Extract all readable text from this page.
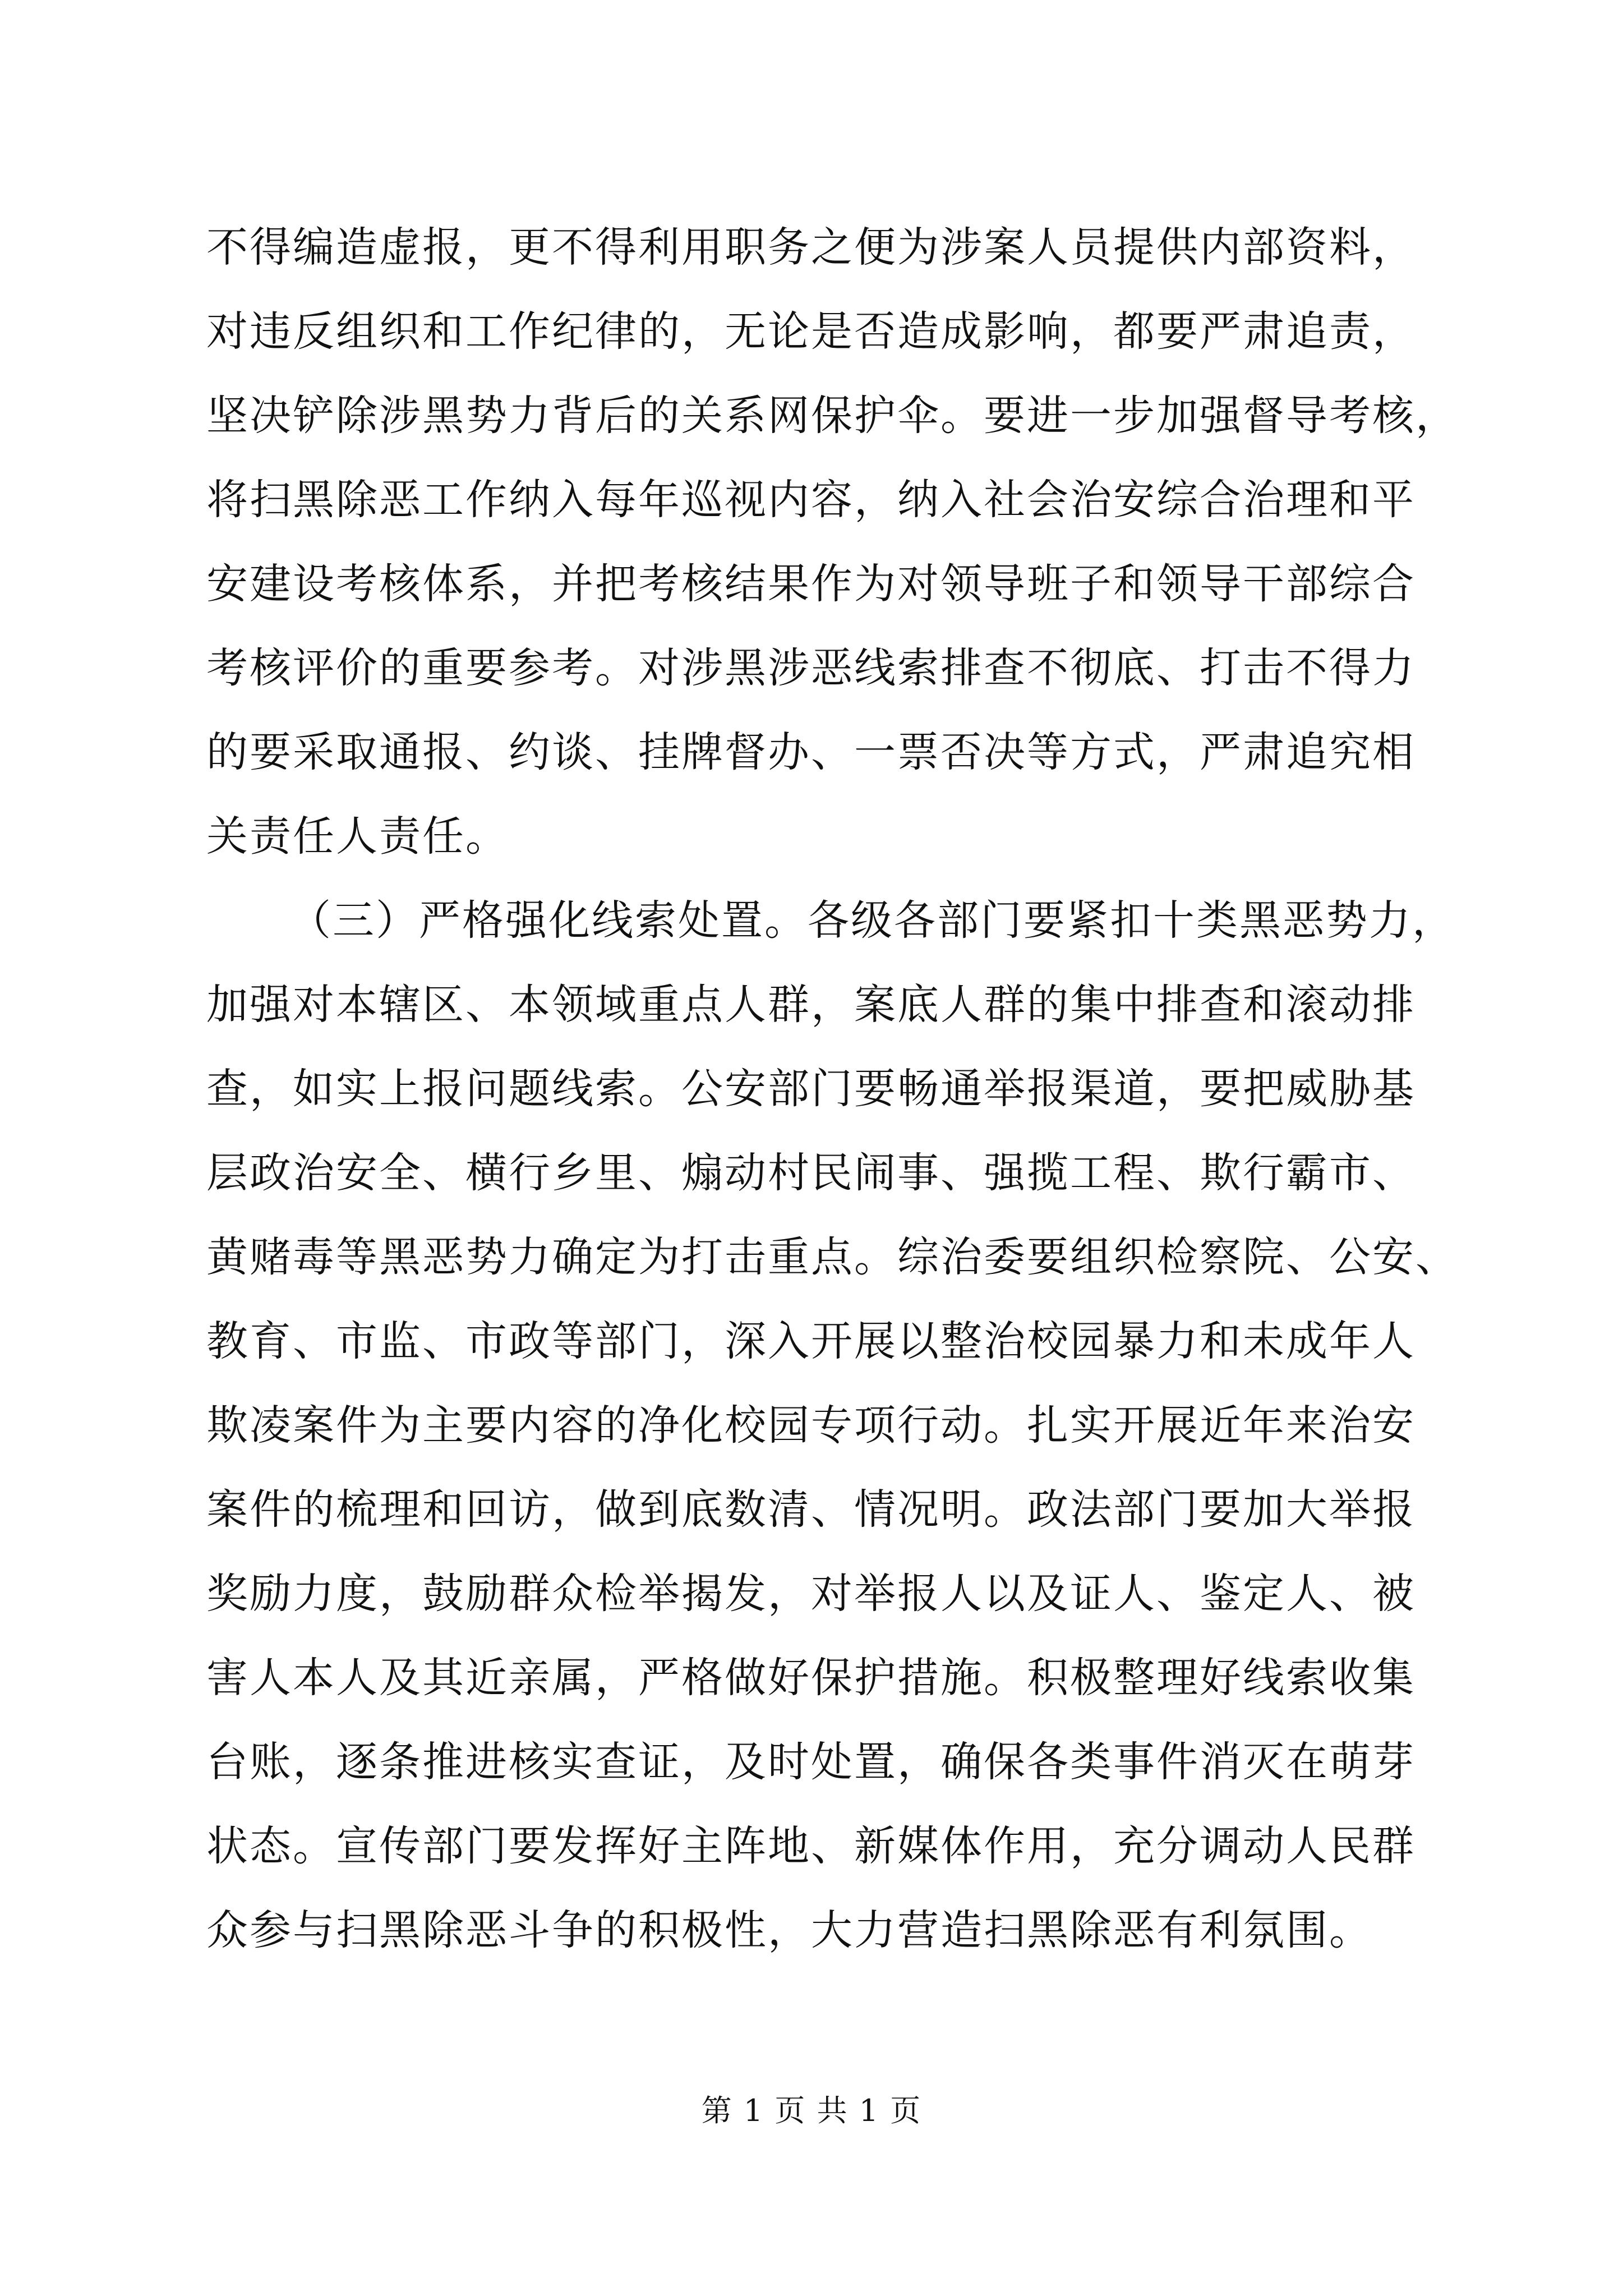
不得编造虚报，更不得利用职务之便为涉案人员提供内部资料，
对违反组织和工作纪律的，无论是否造成影响，都要严肃追责，
坚决铲除涉黑势力背后的关系网保护伞。要进一步加强督导考核，
将扫黑除恶工作纳入每年巡视内容，纳入社会治安综合治理和平
安建设考核体系，并把考核结果作为对领导班子和领导干部综合
考核评价的重要参考。对涉黑涉恶线索排查不彻底、打击不得力
的要采取通报、约谈、挂牌督办、一票否决等方式，严肃追究相
关责任人责任。
（三）严格强化线索处置。各级各部门要紧扣十类黑恶势力，
加强对本辖区、本领域重点人群，案底人群的集中排查和滚动排
查，如实上报问题线索。公安部门要畅通举报渠道，要把威胁基
层政治安全、横行乡里、煽动村民闹事、强揽工程、欺行霸市、
黄赌毒等黑恶势力确定为打击重点。综治委要组织检察院、公安、
教育、市监、市政等部门，深入开展以整治校园暴力和未成年人
欺凌案件为主要内容的净化校园专项行动。扎实开展近年来治安
案件的梳理和回访，做到底数清、情况明。政法部门要加大举报
奖励力度，鼓励群众检举揭发，对举报人以及证人、鉴定人、被
害人本人及其近亲属，严格做好保护措施。积极整理好线索收集
台账，逐条推进核实查证，及时处置，确保各类事件消灭在萌芽
状态。宣传部门要发挥好主阵地、新媒体作用，充分调动人民群
众参与扫黑除恶斗争的积极性，大力营造扫黑除恶有利氛围。
第 1 页 共 1 页
